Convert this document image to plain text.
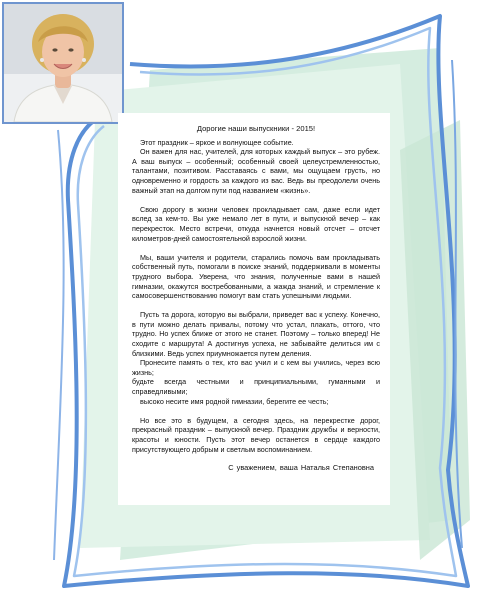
Дорогие наши выпускники - 2015!

Этот праздник – яркое и волнующее событие.

Он важен для нас, учителей, для которых каждый выпуск – это рубеж. А ваш выпуск – особенный; особенный своей целеустремленностью, талантами, позитивом. Расставаясь с вами, мы ощущаем грусть, но одновременно и гордость за каждого из вас. Ведь вы преодолели очень важный этап на долгом пути под названием «жизнь».

Свою дорогу в жизни человек прокладывает сам, даже если идет вслед за кем-то. Вы уже немало лет в пути, и выпускной вечер – как перекресток. Место встречи, откуда начнется новый отсчет – отсчет километров-дней самостоятельной взрослой жизни.

Мы, ваши учителя и родители, старались помочь вам прокладывать собственный путь, помогали в поиске знаний, поддерживали в моменты трудного выбора. Уверена, что знания, полученные вами в нашей гимназии, окажутся востребованными, а жажда знаний, и стремление к самосовершенствованию помогут вам стать успешными людьми.

Пусть та дорога, которую вы выбрали, приведет вас к успеху. Конечно, в пути можно делать привалы, потому что устал, плакать, оттого, что трудно. Но успех ближе от этого не станет. Поэтому – только вперед! Не сходите с маршрута! А достигнув успеха, не забывайте делиться им с близкими. Ведь успех приумножается путем деления.

Пронесите память о тех, кто вас учил и с кем вы учились, через всю жизнь;

будьте всегда честными и принципиальными, гуманными и справедливыми;

высоко несите имя родной гимназии, берегите ее честь;

Но все это в будущем, а сегодня здесь, на перекрестке дорог, прекрасный праздник – выпускной вечер. Праздник дружбы и верности, красоты и юности. Пусть этот вечер останется в сердце каждого присутствующего добрым и светлым воспоминанием.

С уважением, ваша Наталья Степановна
